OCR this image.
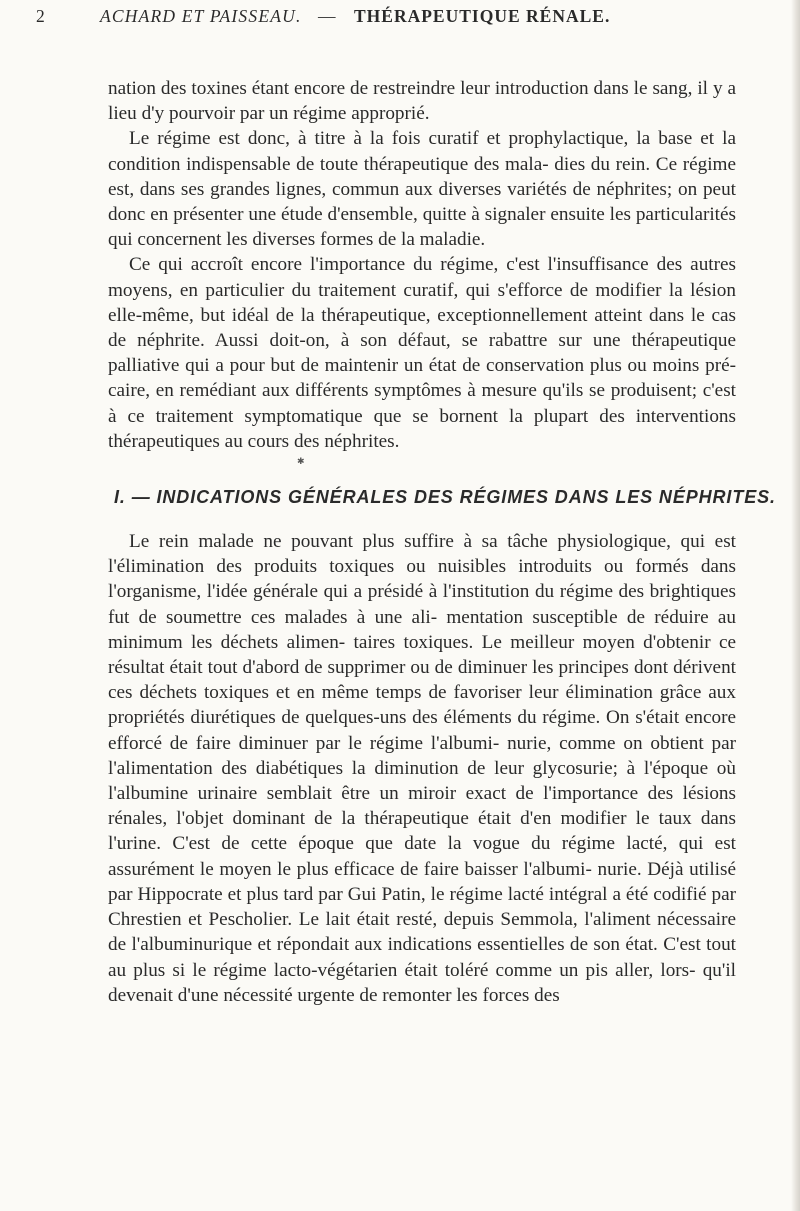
2	ACHARD ET PAISSEAU. — THÉRAPEUTIQUE RÉNALE.

nation des toxines étant encore de restreindre leur introduction dans le sang, il y a lieu d'y pourvoir par un régime approprié.

Le régime est donc, à titre à la fois curatif et prophylactique, la base et la condition indispensable de toute thérapeutique des mala- dies du rein. Ce régime est, dans ses grandes lignes, commun aux diverses variétés de néphrites; on peut donc en présenter une étude d'ensemble, quitte à signaler ensuite les particularités qui concernent les diverses formes de la maladie.

Ce qui accroît encore l'importance du régime, c'est l'insuffisance des autres moyens, en particulier du traitement curatif, qui s'efforce de modifier la lésion elle-même, but idéal de la thérapeutique, exceptionnellement atteint dans le cas de néphrite. Aussi doit-on, à son défaut, se rabattre sur une thérapeutique palliative qui a pour but de maintenir un état de conservation plus ou moins pré- caire, en remédiant aux différents symptômes à mesure qu'ils se produisent; c'est à ce traitement symptomatique que se bornent la plupart des interventions thérapeutiques au cours des néphrites.

✱
I. — INDICATIONS GÉNÉRALES DES RÉGIMES DANS LES NÉPHRITES.

Le rein malade ne pouvant plus suffire à sa tâche physiologique, qui est l'élimination des produits toxiques ou nuisibles introduits ou formés dans l'organisme, l'idée générale qui a présidé à l'institution du régime des brightiques fut de soumettre ces malades à une ali- mentation susceptible de réduire au minimum les déchets alimen- taires toxiques. Le meilleur moyen d'obtenir ce résultat était tout d'abord de supprimer ou de diminuer les principes dont dérivent ces déchets toxiques et en même temps de favoriser leur élimination grâce aux propriétés diurétiques de quelques-uns des éléments du régime. On s'était encore efforcé de faire diminuer par le régime l'albumi- nurie, comme on obtient par l'alimentation des diabétiques la diminution de leur glycosurie; à l'époque où l'albumine urinaire semblait être un miroir exact de l'importance des lésions rénales, l'objet dominant de la thérapeutique était d'en modifier le taux dans l'urine. C'est de cette époque que date la vogue du régime lacté, qui est assurément le moyen le plus efficace de faire baisser l'albumi- nurie. Déjà utilisé par Hippocrate et plus tard par Gui Patin, le régime lacté intégral a été codifié par Chrestien et Pescholier. Le lait était resté, depuis Semmola, l'aliment nécessaire de l'albuminurique et répondait aux indications essentielles de son état. C'est tout au plus si le régime lacto-végétarien était toléré comme un pis aller, lors- qu'il devenait d'une nécessité urgente de remonter les forces des
